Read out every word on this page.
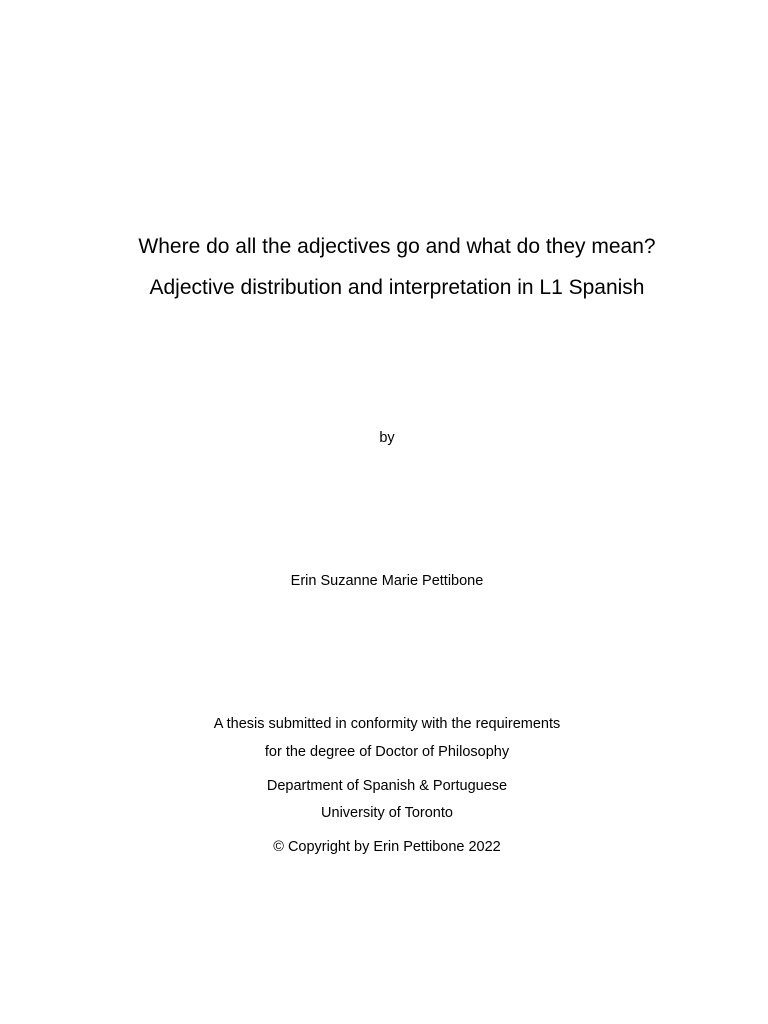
Where do all the adjectives go and what do they mean?

Adjective distribution and interpretation in L1 Spanish

by

Erin Suzanne Marie Pettibone

A thesis submitted in conformity with the requirements

for the degree of Doctor of Philosophy

Department of Spanish & Portuguese

University of Toronto

© Copyright by Erin Pettibone 2022
